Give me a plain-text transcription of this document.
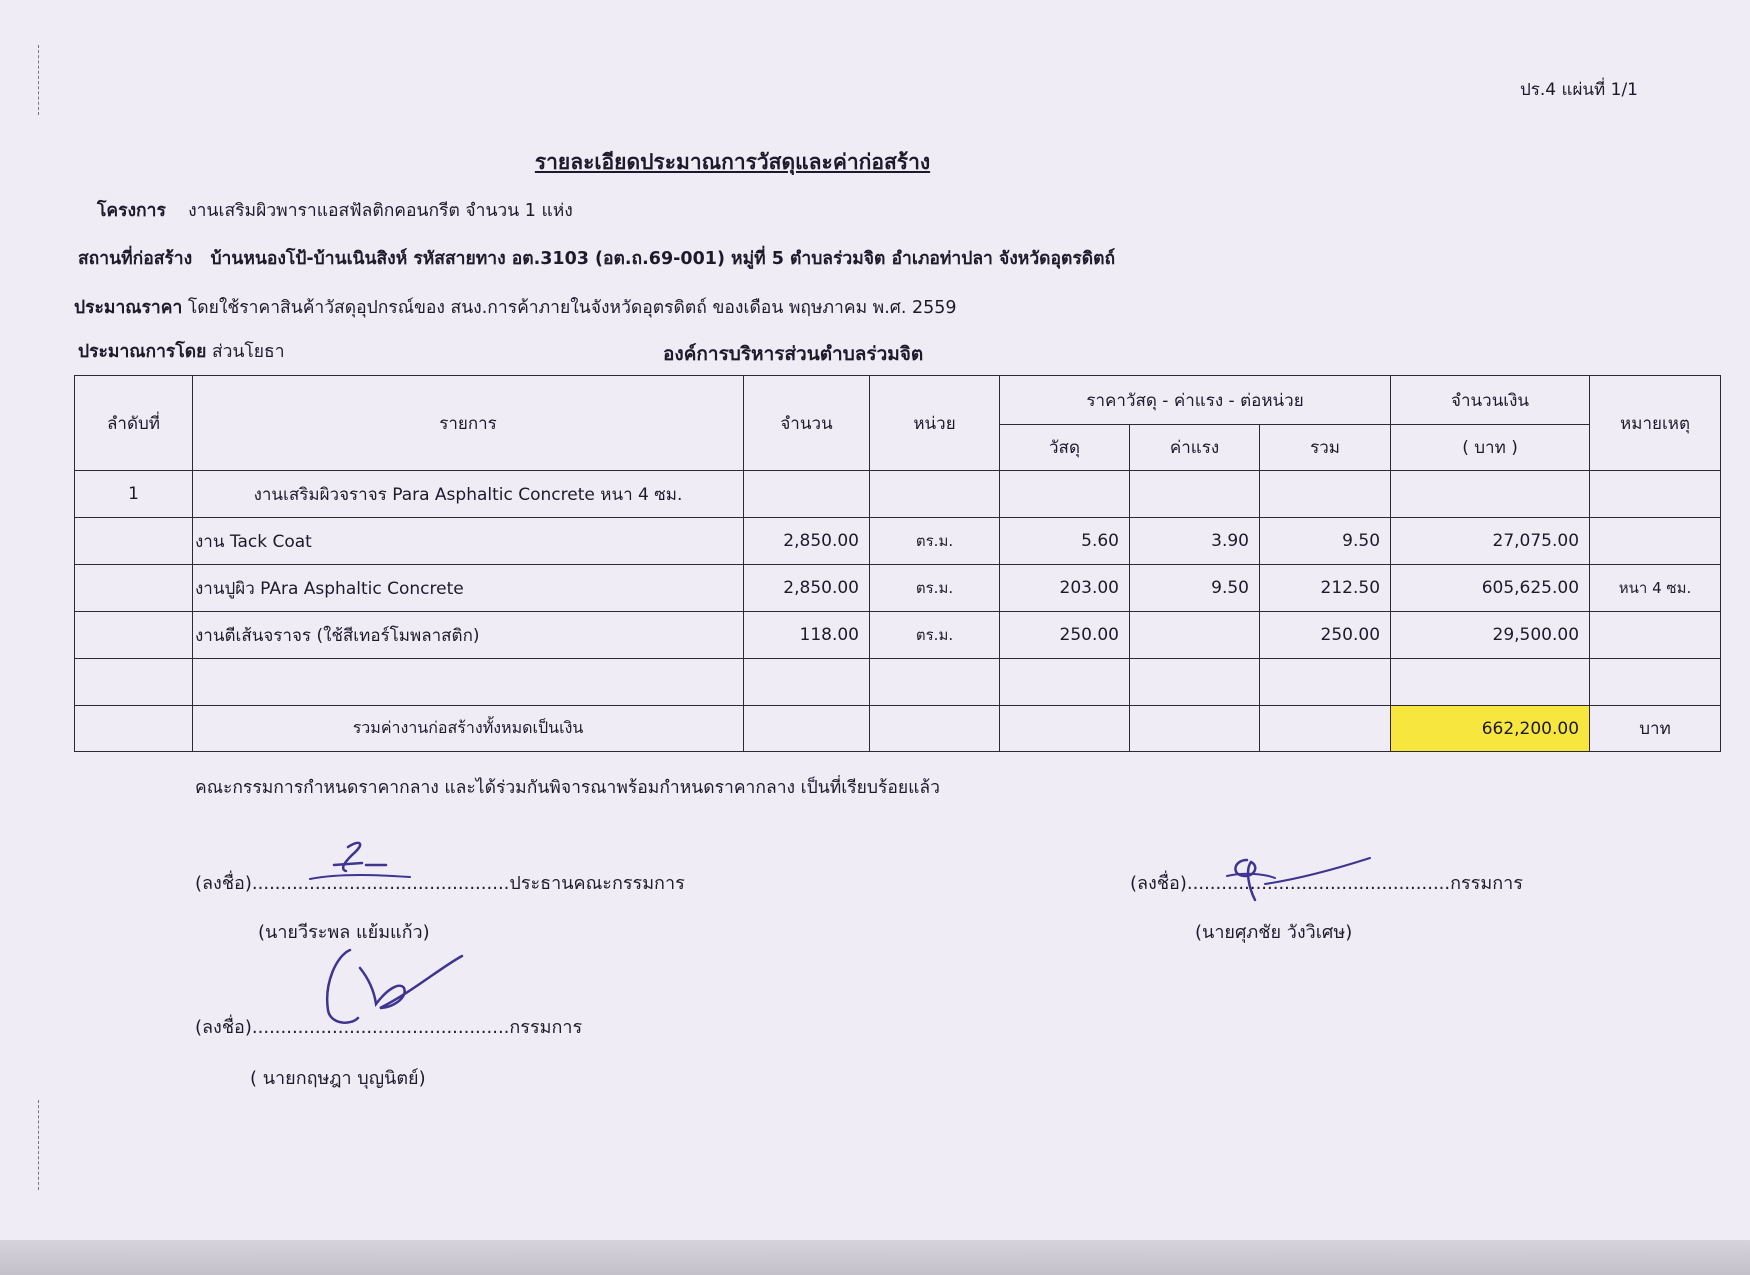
ปร.4 แผ่นที่ 1/1
รายละเอียดประมาณการวัสดุและค่าก่อสร้าง
โครงการ งานเสริมผิวพาราแอสฟัลติกคอนกรีต จำนวน 1 แห่ง
สถานที่ก่อสร้าง บ้านหนองโป้-บ้านเนินสิงห์ รหัสสายทาง อต.3103 (อต.ถ.69-001) หมู่ที่ 5 ตำบลร่วมจิต อำเภอท่าปลา จังหวัดอุตรดิตถ์
ประมาณราคา โดยใช้ราคาสินค้าวัสดุอุปกรณ์ของ สนง.การค้าภายในจังหวัดอุตรดิตถ์ ของเดือน พฤษภาคม พ.ศ. 2559
ประมาณการโดย ส่วนโยธา	องค์การบริหารส่วนตำบลร่วมจิต
ลำดับที่	รายการ	จำนวน	หน่วย	ราคาวัสดุ - ค่าแรง - ต่อหน่วย			จำนวนเงิน	หมายเหตุ
				วัสดุ	ค่าแรง	รวม	( บาท )	
1	งานเสริมผิวจราจร Para Asphaltic Concrete หนา 4 ซม.							
	งาน Tack Coat	2,850.00	ตร.ม.	5.60	3.90	9.50	27,075.00	
	งานปูผิว PAra Asphaltic Concrete	2,850.00	ตร.ม.	203.00	9.50	212.50	605,625.00	หนา 4 ซม.
	งานตีเส้นจราจร (ใช้สีเทอร์โมพลาสติก)	118.00	ตร.ม.	250.00		250.00	29,500.00	

	รวมค่างานก่อสร้างทั้งหมดเป็นเงิน						662,200.00	บาท
คณะกรรมการกำหนดราคากลาง และได้ร่วมกันพิจารณาพร้อมกำหนดราคากลาง เป็นที่เรียบร้อยแล้ว
(ลงชื่อ).............................................ประธานคณะกรรมการ
(นายวีระพล แย้มแก้ว)
(ลงชื่อ)..............................................กรรมการ
(นายศุภชัย วังวิเศษ)
(ลงชื่อ).............................................กรรมการ
( นายกฤษฎา บุญนิตย์)
